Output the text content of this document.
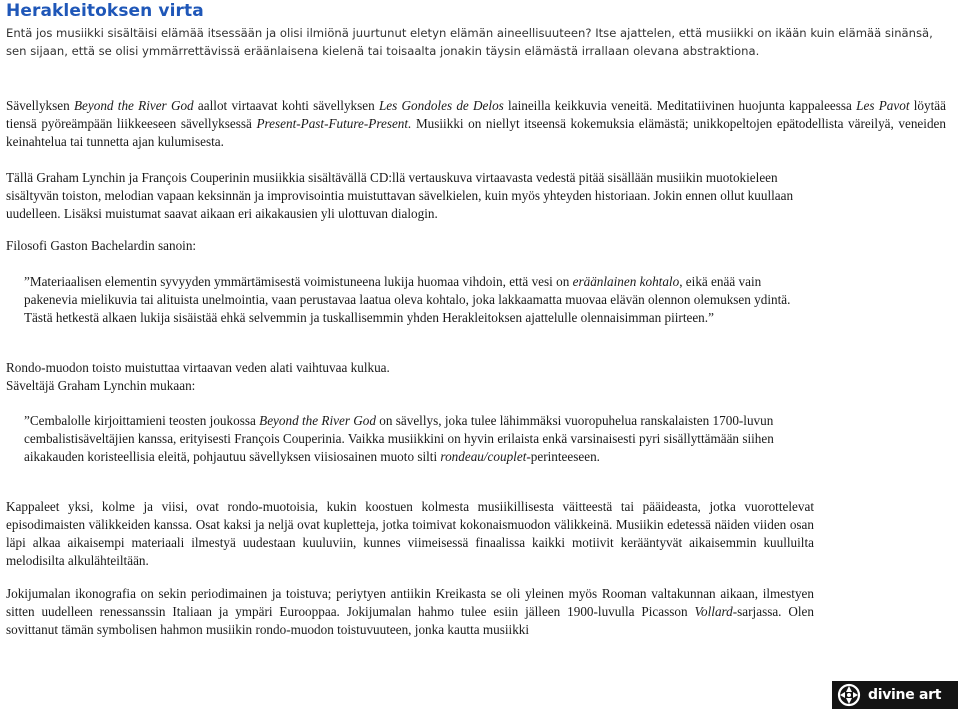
Herakleitoksen virta

Entä jos musiikki sisältäisi elämää itsessään ja olisi ilmiönä juurtunut eletyn elämän aineellisuuteen? Itse ajattelen, että musiikki on ikään kuin elämää sinänsä, sen sijaan, että se olisi ymmärrettävissä eräänlaisena kielenä tai toisaalta jonakin täysin elämästä irrallaan olevana abstraktiona.

Sävellyksen Beyond the River God aallot virtaavat kohti sävellyksen Les Gondoles de Delos laineilla keikkuvia veneitä. Meditatiivinen huojunta kappaleessa Les Pavot löytää tiensä pyöreämpään liikkeeseen sävellyksessä Present-Past-Future-Present. Musiikki on niellyt itseensä kokemuksia elämästä; unikkopeltojen epätodellista väreilyä, veneiden keinahtelua tai tunnetta ajan kulumisesta.

Tällä Graham Lynchin ja François Couperinin musiikkia sisältävällä CD:llä vertauskuva virtaavasta vedestä pitää sisällään musiikin muotokieleen sisältyvän toiston, melodian vapaan keksinnän ja improvisointia muistuttavan sävelkielen, kuin myös yhteyden historiaan. Jokin ennen ollut kuullaan uudelleen. Lisäksi muistumat saavat aikaan eri aikakausien yli ulottuvan dialogin.

Filosofi Gaston Bachelardin sanoin:

”Materiaalisen elementin syvyyden ymmärtämisestä voimistuneena lukija huomaa vihdoin, että vesi on eräänlainen kohtalo, eikä enää vain pakenevia mielikuvia tai alituista unelmointia, vaan perustavaa laatua oleva kohtalo, joka lakkaamatta muovaa elävän olennon olemuksen ydintä. Tästä hetkestä alkaen lukija sisäistää ehkä selvemmin ja tuskallisemmin yhden Herakleitoksen ajattelulle olennaisimman piirteen.”

Rondo-muodon toisto muistuttaa virtaavan veden alati vaihtuvaa kulkua.

Säveltäjä Graham Lynchin mukaan:

”Cembalolle kirjoittamieni teosten joukossa Beyond the River God on sävellys, joka tulee lähimmäksi vuoropuhelua ranskalaisten 1700-luvun cembalistisäveltäjien kanssa, erityisesti François Couperinia. Vaikka musiikkini on hyvin erilaista enkä varsinaisesti pyri sisällyttämään siihen aikakauden koristeellisia eleitä, pohjautuu sävellyksen viisiosainen muoto silti rondeau/couplet-perinteeseen.

Kappaleet yksi, kolme ja viisi, ovat rondo-muotoisia, kukin koostuen kolmesta musiikillisesta väitteestä tai pääideasta, jotka vuorottelevat episodimaisten välikkeiden kanssa. Osat kaksi ja neljä ovat kupletteja, jotka toimivat kokonaismuodon välikkeinä. Musiikin edetessä näiden viiden osan läpi alkaa aikaisempi materiaali ilmestyä uudestaan kuuluviin, kunnes viimeisessä finaalissa kaikki motiivit kerääntyvät aikaisemmin kuulluilta melodisilta alkulähteiltään.

Jokijumalan ikonografia on sekin periodimainen ja toistuva; periytyen antiikin Kreikasta se oli yleinen myös Rooman valtakunnan aikaan, ilmestyen sitten uudelleen renessanssin Italiaan ja ympäri Eurooppaa. Jokijumalan hahmo tulee esiin jälleen 1900-luvulla Picasson Vollard-sarjassa. Olen sovittanut tämän symbolisen hahmon musiikin rondo-muodon toistuvuuteen, jonka kautta musiikki

divine art
